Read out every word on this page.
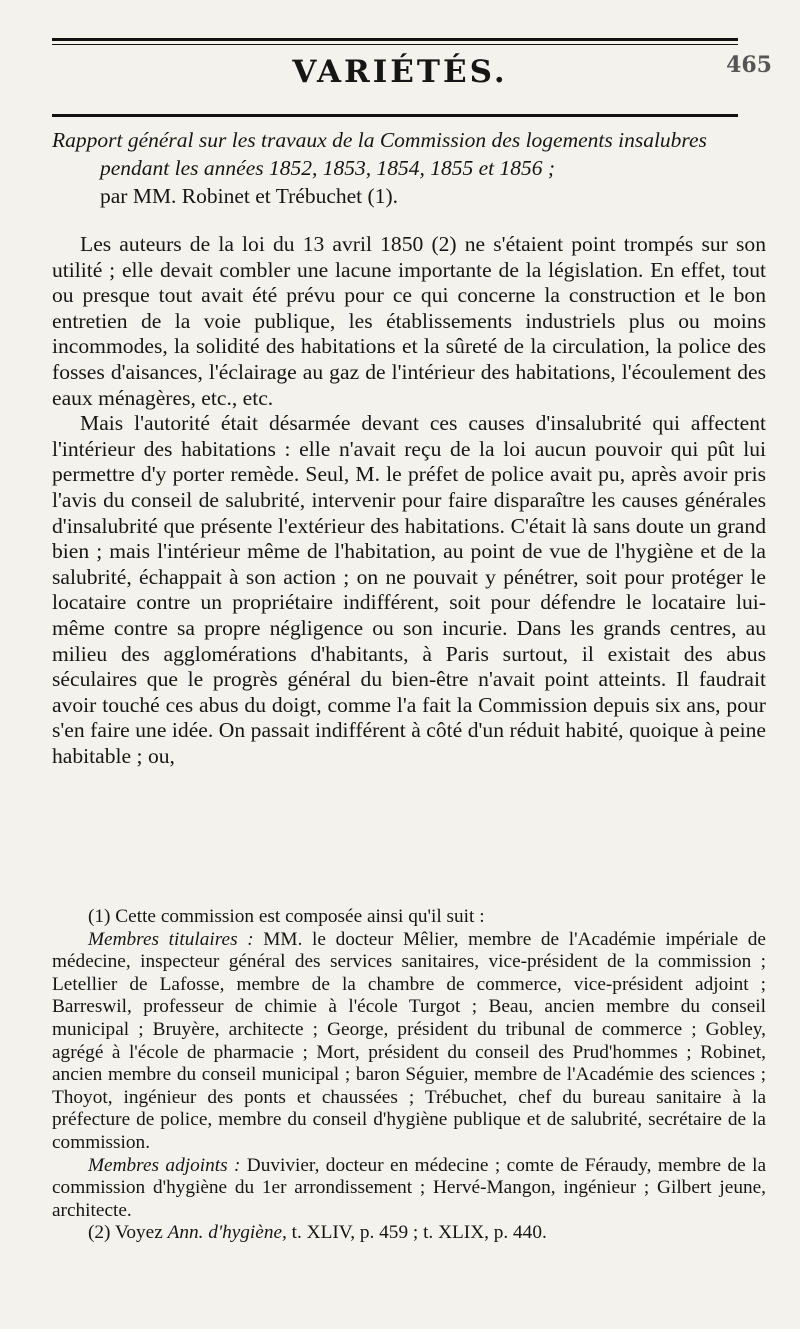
VARIÉTÉS.	465
Rapport général sur les travaux de la Commission des logements insalubres pendant les années 1852, 1853, 1854, 1855 et 1856 ;
par MM. Robinet et Trébuchet (1).

Les auteurs de la loi du 13 avril 1850 (2) ne s'étaient point trompés sur son utilité ; elle devait combler une lacune importante de la législation. En effet, tout ou presque tout avait été prévu pour ce qui concerne la construction et le bon entretien de la voie publique, les établissements industriels plus ou moins incommodes, la solidité des habitations et la sûreté de la circulation, la police des fosses d'aisances, l'éclairage au gaz de l'intérieur des habitations, l'écoulement des eaux ménagères, etc., etc.

Mais l'autorité était désarmée devant ces causes d'insalubrité qui affectent l'intérieur des habitations : elle n'avait reçu de la loi aucun pouvoir qui pût lui permettre d'y porter remède. Seul, M. le préfet de police avait pu, après avoir pris l'avis du conseil de salubrité, intervenir pour faire disparaître les causes générales d'insalubrité que présente l'extérieur des habitations. C'était là sans doute un grand bien ; mais l'intérieur même de l'habitation, au point de vue de l'hygiène et de la salubrité, échappait à son action ; on ne pouvait y pénétrer, soit pour protéger le locataire contre un propriétaire indifférent, soit pour défendre le locataire lui-même contre sa propre négligence ou son incurie. Dans les grands centres, au milieu des agglomérations d'habitants, à Paris surtout, il existait des abus séculaires que le progrès général du bien-être n'avait point atteints. Il faudrait avoir touché ces abus du doigt, comme l'a fait la Commission depuis six ans, pour s'en faire une idée. On passait indifférent à côté d'un réduit habité, quoique à peine habitable ; ou,

(1) Cette commission est composée ainsi qu'il suit :

Membres titulaires : MM. le docteur Mêlier, membre de l'Académie impériale de médecine, inspecteur général des services sanitaires, vice-président de la commission ; Letellier de Lafosse, membre de la chambre de commerce, vice-président adjoint ; Barreswil, professeur de chimie à l'école Turgot ; Beau, ancien membre du conseil municipal ; Bruyère, architecte ; George, président du tribunal de commerce ; Gobley, agrégé à l'école de pharmacie ; Mort, président du conseil des Prud'hommes ; Robinet, ancien membre du conseil municipal ; baron Séguier, membre de l'Académie des sciences ; Thoyot, ingénieur des ponts et chaussées ; Trébuchet, chef du bureau sanitaire à la préfecture de police, membre du conseil d'hygiène publique et de salubrité, secrétaire de la commission.

Membres adjoints : Duvivier, docteur en médecine ; comte de Féraudy, membre de la commission d'hygiène du 1er arrondissement ; Hervé-Mangon, ingénieur ; Gilbert jeune, architecte.

(2) Voyez Ann. d'hygiène, t. XLIV, p. 459 ; t. XLIX, p. 440.
